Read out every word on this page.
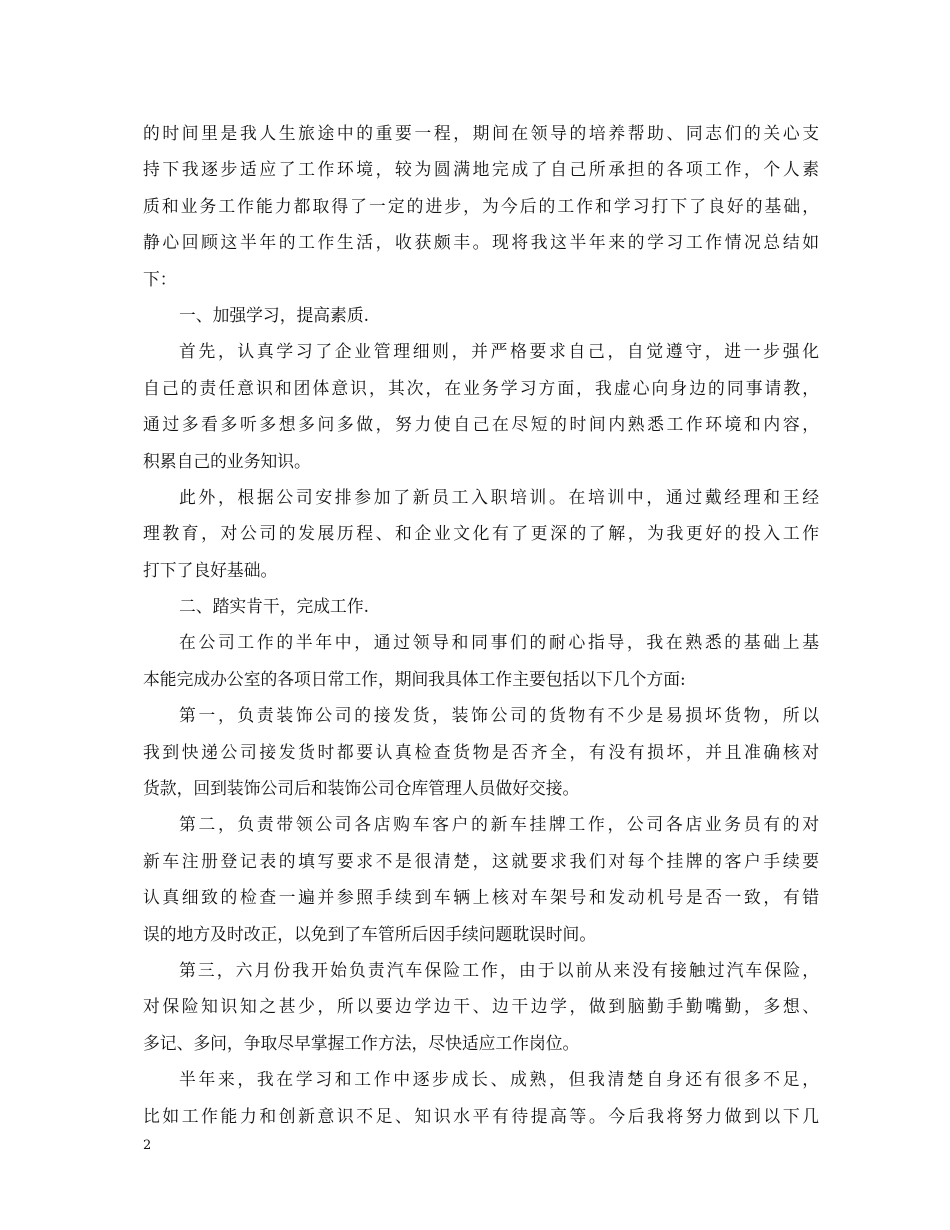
的时间里是我人生旅途中的重要一程，期间在领导的培养帮助、同志们的关心支
持下我逐步适应了工作环境，较为圆满地完成了自己所承担的各项工作，个人素
质和业务工作能力都取得了一定的进步，为今后的工作和学习打下了良好的基础，
静心回顾这半年的工作生活，收获颇丰。现将我这半年来的学习工作情况总结如
下：
一、加强学习，提高素质.
首先，认真学习了企业管理细则，并严格要求自己，自觉遵守，进一步强化
自己的责任意识和团体意识，其次，在业务学习方面，我虚心向身边的同事请教，
通过多看多听多想多问多做，努力使自己在尽短的时间内熟悉工作环境和内容，
积累自己的业务知识。
此外，根据公司安排参加了新员工入职培训。在培训中，通过戴经理和王经
理教育，对公司的发展历程、和企业文化有了更深的了解，为我更好的投入工作
打下了良好基础。
二、踏实肯干，完成工作.
在公司工作的半年中，通过领导和同事们的耐心指导，我在熟悉的基础上基
本能完成办公室的各项日常工作，期间我具体工作主要包括以下几个方面:
第一，负责装饰公司的接发货，装饰公司的货物有不少是易损坏货物，所以
我到快递公司接发货时都要认真检查货物是否齐全，有没有损坏，并且准确核对
货款，回到装饰公司后和装饰公司仓库管理人员做好交接。
第二，负责带领公司各店购车客户的新车挂牌工作，公司各店业务员有的对
新车注册登记表的填写要求不是很清楚，这就要求我们对每个挂牌的客户手续要
认真细致的检查一遍并参照手续到车辆上核对车架号和发动机号是否一致，有错
误的地方及时改正，以免到了车管所后因手续问题耽误时间。
第三，六月份我开始负责汽车保险工作，由于以前从来没有接触过汽车保险，
对保险知识知之甚少，所以要边学边干、边干边学，做到脑勤手勤嘴勤，多想、
多记、多问，争取尽早掌握工作方法，尽快适应工作岗位。
半年来，我在学习和工作中逐步成长、成熟，但我清楚自身还有很多不足，
比如工作能力和创新意识不足、知识水平有待提高等。今后我将努力做到以下几
2
